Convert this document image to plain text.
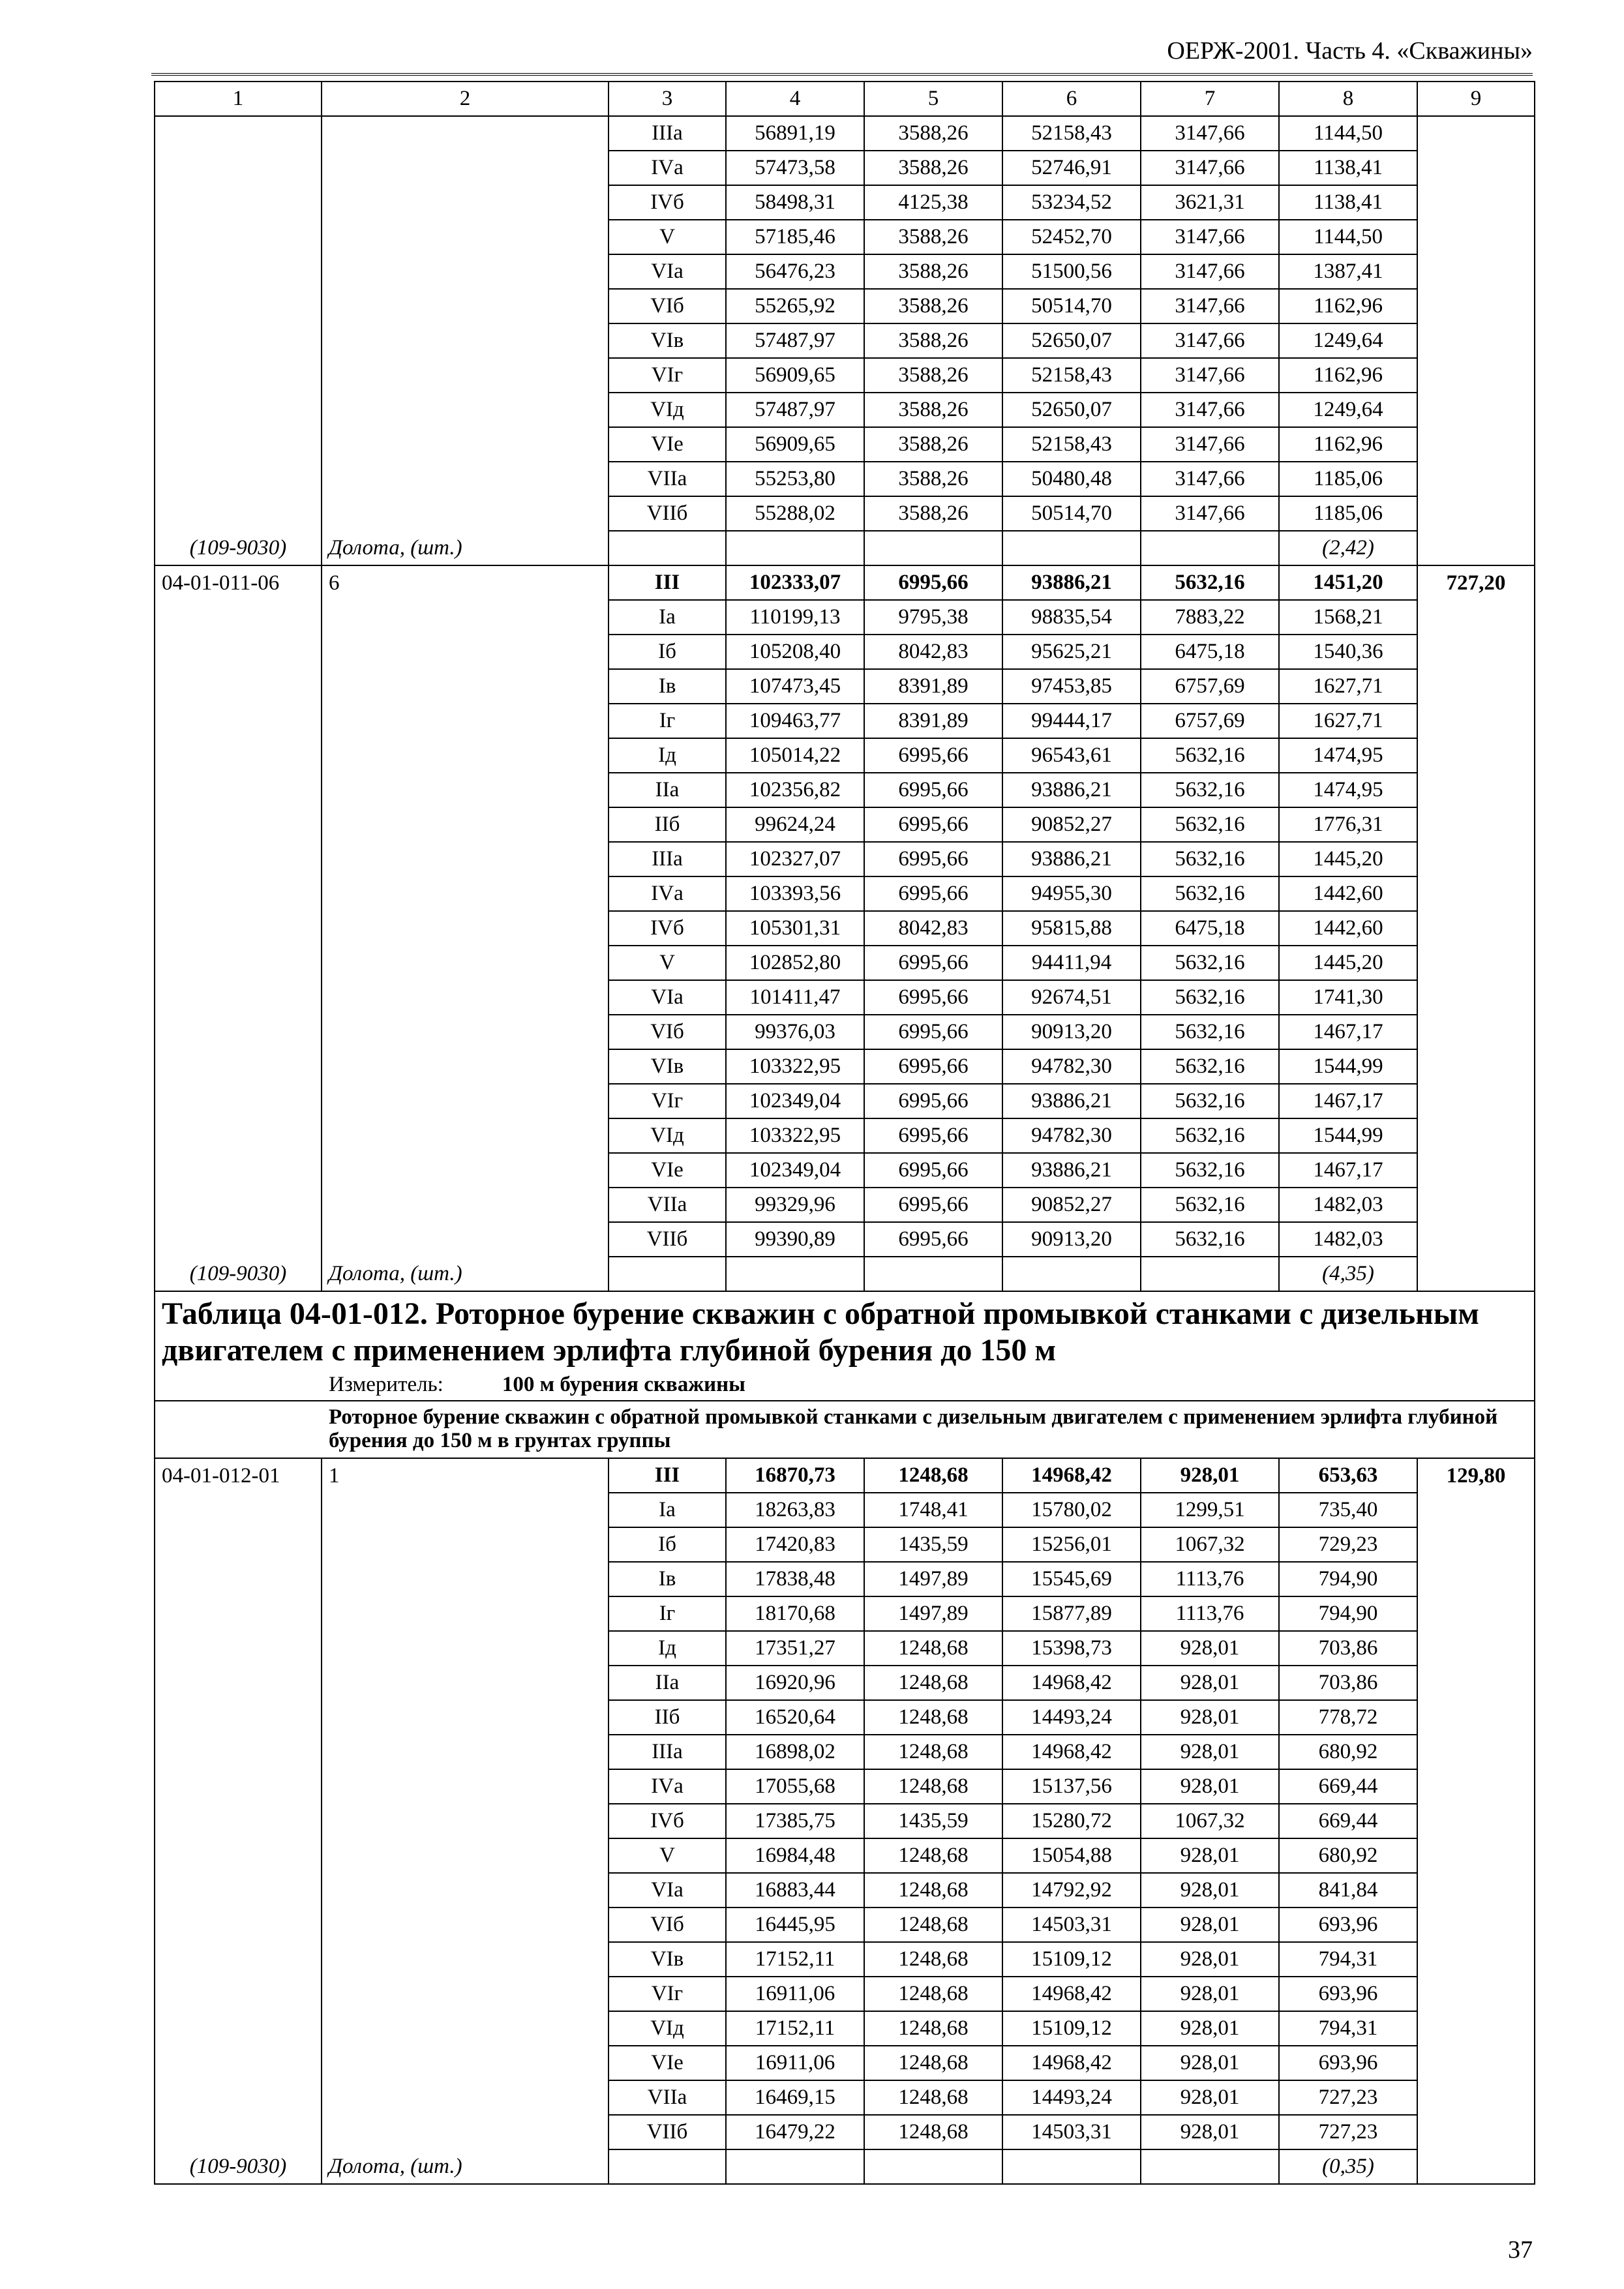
ОЕРЖ-2001. Часть 4. «Скважины»
1	2	3	4	5	6	7	8	9
		IIIа	56891,19	3588,26	52158,43	3147,66	1144,50	
		IVа	57473,58	3588,26	52746,91	3147,66	1138,41	
		IVб	58498,31	4125,38	53234,52	3621,31	1138,41	
		V	57185,46	3588,26	52452,70	3147,66	1144,50	
		VIа	56476,23	3588,26	51500,56	3147,66	1387,41	
		VIб	55265,92	3588,26	50514,70	3147,66	1162,96	
		VIв	57487,97	3588,26	52650,07	3147,66	1249,64	
		VIг	56909,65	3588,26	52158,43	3147,66	1162,96	
		VIд	57487,97	3588,26	52650,07	3147,66	1249,64	
		VIе	56909,65	3588,26	52158,43	3147,66	1162,96	
		VIIа	55253,80	3588,26	50480,48	3147,66	1185,06	
		VIIб	55288,02	3588,26	50514,70	3147,66	1185,06	
(109-9030)	Долота, (шт.)						(2,42)	
04-01-011-06	6	III	102333,07	6995,66	93886,21	5632,16	1451,20	727,20
		Iа	110199,13	9795,38	98835,54	7883,22	1568,21	
		Iб	105208,40	8042,83	95625,21	6475,18	1540,36	
		Iв	107473,45	8391,89	97453,85	6757,69	1627,71	
		Iг	109463,77	8391,89	99444,17	6757,69	1627,71	
		Iд	105014,22	6995,66	96543,61	5632,16	1474,95	
		IIа	102356,82	6995,66	93886,21	5632,16	1474,95	
		IIб	99624,24	6995,66	90852,27	5632,16	1776,31	
		IIIа	102327,07	6995,66	93886,21	5632,16	1445,20	
		IVа	103393,56	6995,66	94955,30	5632,16	1442,60	
		IVб	105301,31	8042,83	95815,88	6475,18	1442,60	
		V	102852,80	6995,66	94411,94	5632,16	1445,20	
		VIа	101411,47	6995,66	92674,51	5632,16	1741,30	
		VIб	99376,03	6995,66	90913,20	5632,16	1467,17	
		VIв	103322,95	6995,66	94782,30	5632,16	1544,99	
		VIг	102349,04	6995,66	93886,21	5632,16	1467,17	
		VIд	103322,95	6995,66	94782,30	5632,16	1544,99	
		VIе	102349,04	6995,66	93886,21	5632,16	1467,17	
		VIIа	99329,96	6995,66	90852,27	5632,16	1482,03	
		VIIб	99390,89	6995,66	90913,20	5632,16	1482,03	
(109-9030)	Долота, (шт.)						(4,35)	

Таблица 04-01-012. Роторное бурение скважин с обратной промывкой станками с дизельным двигателем с применением эрлифта глубиной бурения до 150 м
Измеритель: 100 м бурения скважины								

Роторное бурение скважин с обратной промывкой станками с дизельным двигателем с применением эрлифта глубиной бурения до 150 м в грунтах группы								
04-01-012-01	1	III	16870,73	1248,68	14968,42	928,01	653,63	129,80
		Iа	18263,83	1748,41	15780,02	1299,51	735,40	
		Iб	17420,83	1435,59	15256,01	1067,32	729,23	
		Iв	17838,48	1497,89	15545,69	1113,76	794,90	
		Iг	18170,68	1497,89	15877,89	1113,76	794,90	
		Iд	17351,27	1248,68	15398,73	928,01	703,86	
		IIа	16920,96	1248,68	14968,42	928,01	703,86	
		IIб	16520,64	1248,68	14493,24	928,01	778,72	
		IIIа	16898,02	1248,68	14968,42	928,01	680,92	
		IVа	17055,68	1248,68	15137,56	928,01	669,44	
		IVб	17385,75	1435,59	15280,72	1067,32	669,44	
		V	16984,48	1248,68	15054,88	928,01	680,92	
		VIа	16883,44	1248,68	14792,92	928,01	841,84	
		VIб	16445,95	1248,68	14503,31	928,01	693,96	
		VIв	17152,11	1248,68	15109,12	928,01	794,31	
		VIг	16911,06	1248,68	14968,42	928,01	693,96	
		VIд	17152,11	1248,68	15109,12	928,01	794,31	
		VIе	16911,06	1248,68	14968,42	928,01	693,96	
		VIIа	16469,15	1248,68	14493,24	928,01	727,23	
		VIIб	16479,22	1248,68	14503,31	928,01	727,23	
(109-9030)	Долота, (шт.)						(0,35)	
37
